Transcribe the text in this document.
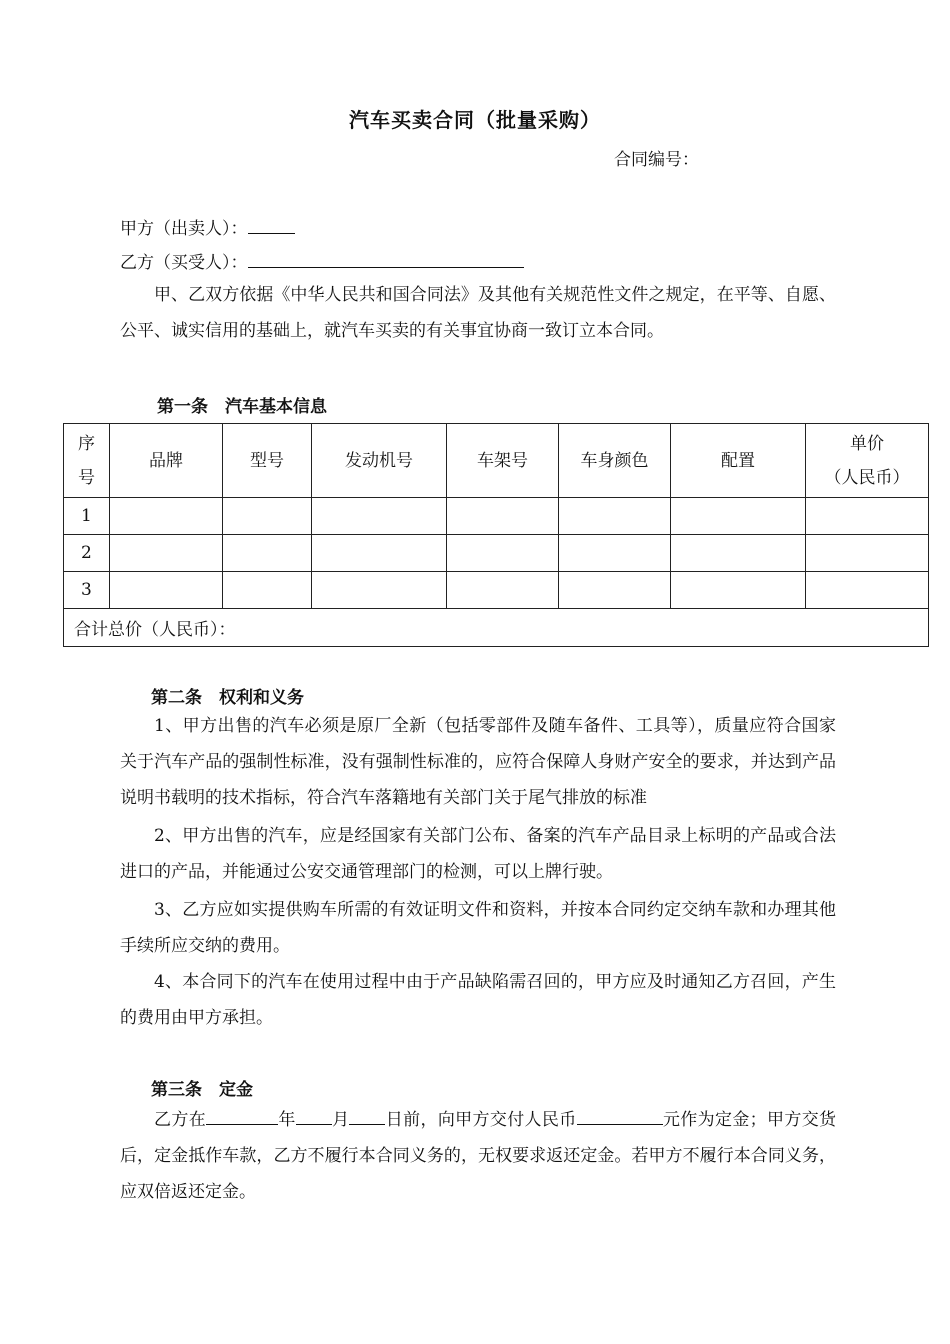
汽车买卖合同（批量采购）
合同编号：
甲方（出卖人）：
乙方（买受人）：
甲、乙双方依据《中华人民共和国合同法》及其他有关规范性文件之规定，在平等、自愿、公平、诚实信用的基础上，就汽车买卖的有关事宜协商一致订立本合同。
第一条　汽车基本信息
序
号	品牌	型号	发动机号	车架号	车身颜色	配置	单价
（人民币）
1							
2							
3							
合计总价（人民币）：							
第二条　权利和义务
1、甲方出售的汽车必须是原厂全新（包括零部件及随车备件、工具等），质量应符合国家关于汽车产品的强制性标准，没有强制性标准的，应符合保障人身财产安全的要求，并达到产品说明书载明的技术指标，符合汽车落籍地有关部门关于尾气排放的标准
2、甲方出售的汽车，应是经国家有关部门公布、备案的汽车产品目录上标明的产品或合法进口的产品，并能通过公安交通管理部门的检测，可以上牌行驶。
3、乙方应如实提供购车所需的有效证明文件和资料，并按本合同约定交纳车款和办理其他手续所应交纳的费用。
4、本合同下的汽车在使用过程中由于产品缺陷需召回的，甲方应及时通知乙方召回，产生的费用由甲方承担。
第三条　定金
乙方在	年 月 日前，向甲方交付人民币	元作为定金；甲方交货后，定金抵作车款，乙方不履行本合同义务的，无权要求返还定金。若甲方不履行本合同义务，应双倍返还定金。
